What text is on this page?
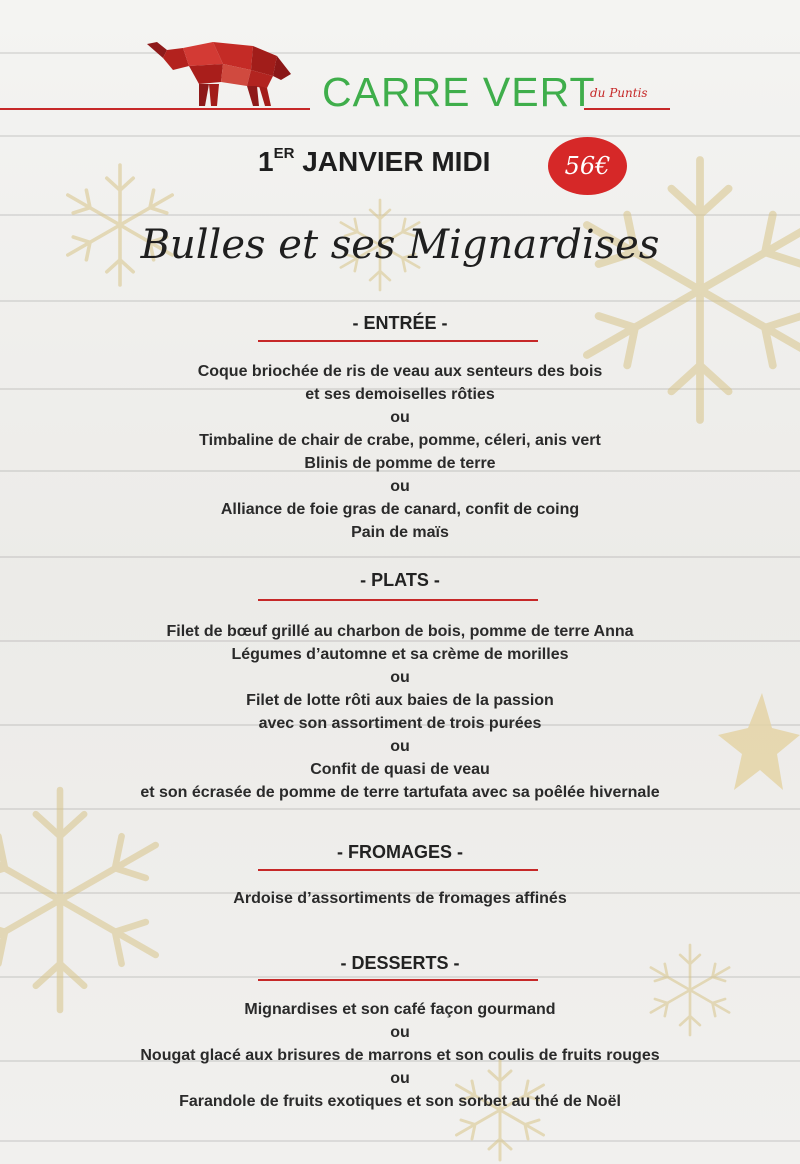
CARRE VERT
du Puntis
1ER JANVIER MIDI	56€
Bulles et ses Mignardises
- ENTRÉE -
Coque briochée de ris de veau aux senteurs des bois
et ses demoiselles rôties
ou
Timbaline de chair de crabe, pomme, céleri, anis vert
Blinis de pomme de terre
ou
Alliance de foie gras de canard, confit de coing
Pain de maïs
- PLATS -
Filet de bœuf grillé au charbon de bois, pomme de terre Anna
Légumes d’automne et sa crème de morilles
ou
Filet de lotte rôti aux baies de la passion
avec son assortiment de trois purées
ou
Confit de quasi de veau
et son écrasée de pomme de terre tartufata avec sa poêlée hivernale
- FROMAGES -
Ardoise d’assortiments de fromages affinés
- DESSERTS -
Mignardises et son café façon gourmand
ou
Nougat glacé aux brisures de marrons et son coulis de fruits rouges
ou
Farandole de fruits exotiques et son sorbet au thé de Noël
